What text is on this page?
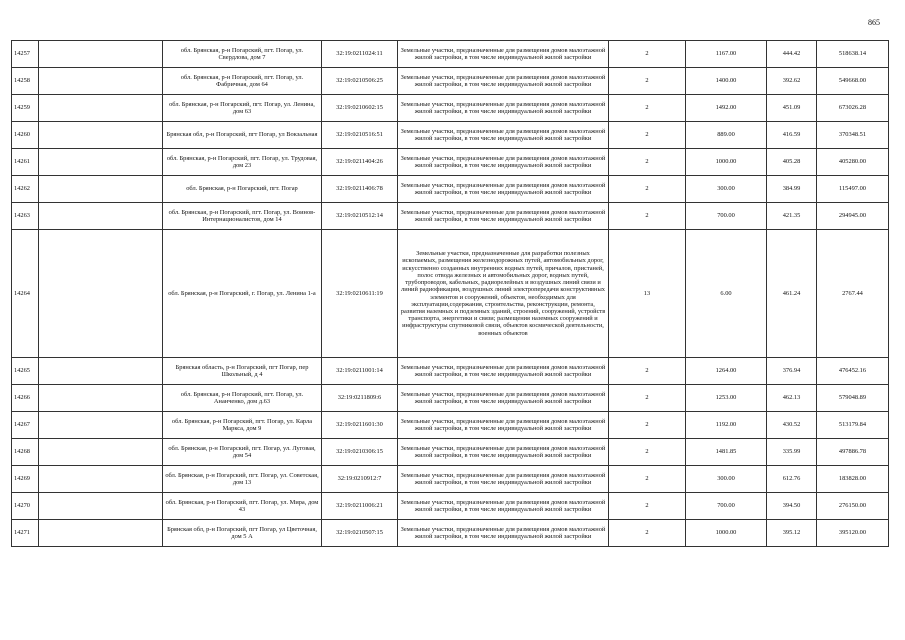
865
14257		обл. Брянская, р-н Погарский, пгт. Погар, ул. Свердлова, дом 7	32:19:0211024:11	Земельные участки, предназначенные для размещения домов малоэтажной жилой застройки, в том числе индивидуальной жилой застройки	2	1167.00	444.42	518638.14
14258		обл. Брянская, р-н Погарский, пгт. Погар, ул. Фабричная, дом 64	32:19:0210506:25	Земельные участки, предназначенные для размещения домов малоэтажной жилой застройки, в том числе индивидуальной жилой застройки	2	1400.00	392.62	549668.00
14259		обл. Брянская, р-н Погарский, пгт. Погар, ул. Ленина, дом 63	32:19:0210602:15	Земельные участки, предназначенные для размещения домов малоэтажной жилой застройки, в том числе индивидуальной жилой застройки	2	1492.00	451.09	673026.28
14260		Брянская обл, р-н Погарский, пгт Погар, ул Вокзальная	32:19:0210516:51	Земельные участки, предназначенные для размещения домов малоэтажной жилой застройки, в том числе индивидуальной жилой застройки	2	889.00	416.59	370348.51
14261		обл. Брянская, р-н Погарский, пгт. Погар, ул. Трудовая, дом 23	32:19:0211404:26	Земельные участки, предназначенные для размещения домов малоэтажной жилой застройки, в том числе индивидуальной жилой застройки	2	1000.00	405.28	405280.00
14262		обл. Брянская, р-н Погарский, пгт. Погар	32:19:0211406:78	Земельные участки, предназначенные для размещения домов малоэтажной жилой застройки, в том числе индивидуальной жилой застройки	2	300.00	384.99	115497.00
14263		обл. Брянская, р-н Погарский, пгт. Погар, ул. Воинов-Интернационалистов, дом 14	32:19:0210512:14	Земельные участки, предназначенные для размещения домов малоэтажной жилой застройки, в том числе индивидуальной жилой застройки	2	700.00	421.35	294945.00
14264		обл. Брянская, р-н Погарский, г. Погар, ул. Ленина 1-а	32:19:0210611:19	Земельные участки, предназначенные для разработки полезных ископаемых, размещения железнодорожных путей, автомобильных дорог, искусственно созданных внутренних водных путей, причалов, пристаней, полос отвода железных и автомобильных дорог, водных путей, трубопроводов, кабельных, радиорелейных и воздушных линий связи и линий радиофикации, воздушных линий электропередачи конструктивных элементов и сооружений, объектов, необходимых для эксплуатации,содержания, строительства, реконструкции, ремонта, развития наземных и подземных зданий, строений, сооружений, устройств транспорта, энергетики и связи; размещения наземных сооружений и инфраструктуры спутниковой связи, объектов космической деятельности, военных объектов	13	6.00	461.24	2767.44
14265		Брянская область, р-н Погарский, пгт Погар, пер Школьный, д 4	32:19:0211001:14	Земельные участки, предназначенные для размещения домов малоэтажной жилой застройки, в том числе индивидуальной жилой застройки	2	1264.00	376.94	476452.16
14266		обл. Брянская, р-н Погарский, пгт. Погар, ул. Ананченко, дом д.63	32:19:0211809:6	Земельные участки, предназначенные для размещения домов малоэтажной жилой застройки, в том числе индивидуальной жилой застройки	2	1253.00	462.13	579048.89
14267		обл. Брянская, р-н Погарский, пгт. Погар, ул. Карла Маркса, дом 9	32:19:0211601:30	Земельные участки, предназначенные для размещения домов малоэтажной жилой застройки, в том числе индивидуальной жилой застройки	2	1192.00	430.52	513179.84
14268		обл. Брянская, р-н Погарский, пгт. Погар, ул. Луговая, дом 54	32:19:0210306:15	Земельные участки, предназначенные для размещения домов малоэтажной жилой застройки, в том числе индивидуальной жилой застройки	2	1481.85	335.99	497886.78
14269		обл. Брянская, р-н Погарский, пгт. Погар, ул. Советская, дом 13	32:19:0210912:7	Земельные участки, предназначенные для размещения домов малоэтажной жилой застройки, в том числе индивидуальной жилой застройки	2	300.00	612.76	183828.00
14270		обл. Брянская, р-н Погарский, пгт. Погар, ул. Мира, дом 43	32:19:0211006:21	Земельные участки, предназначенные для размещения домов малоэтажной жилой застройки, в том числе индивидуальной жилой застройки	2	700.00	394.50	276150.00
14271		Брянская обл, р-н Погарский, пгт Погар, ул Цветочная, дом 5 А	32:19:0210507:15	Земельные участки, предназначенные для размещения домов малоэтажной жилой застройки, в том числе индивидуальной жилой застройки	2	1000.00	395.12	395120.00
